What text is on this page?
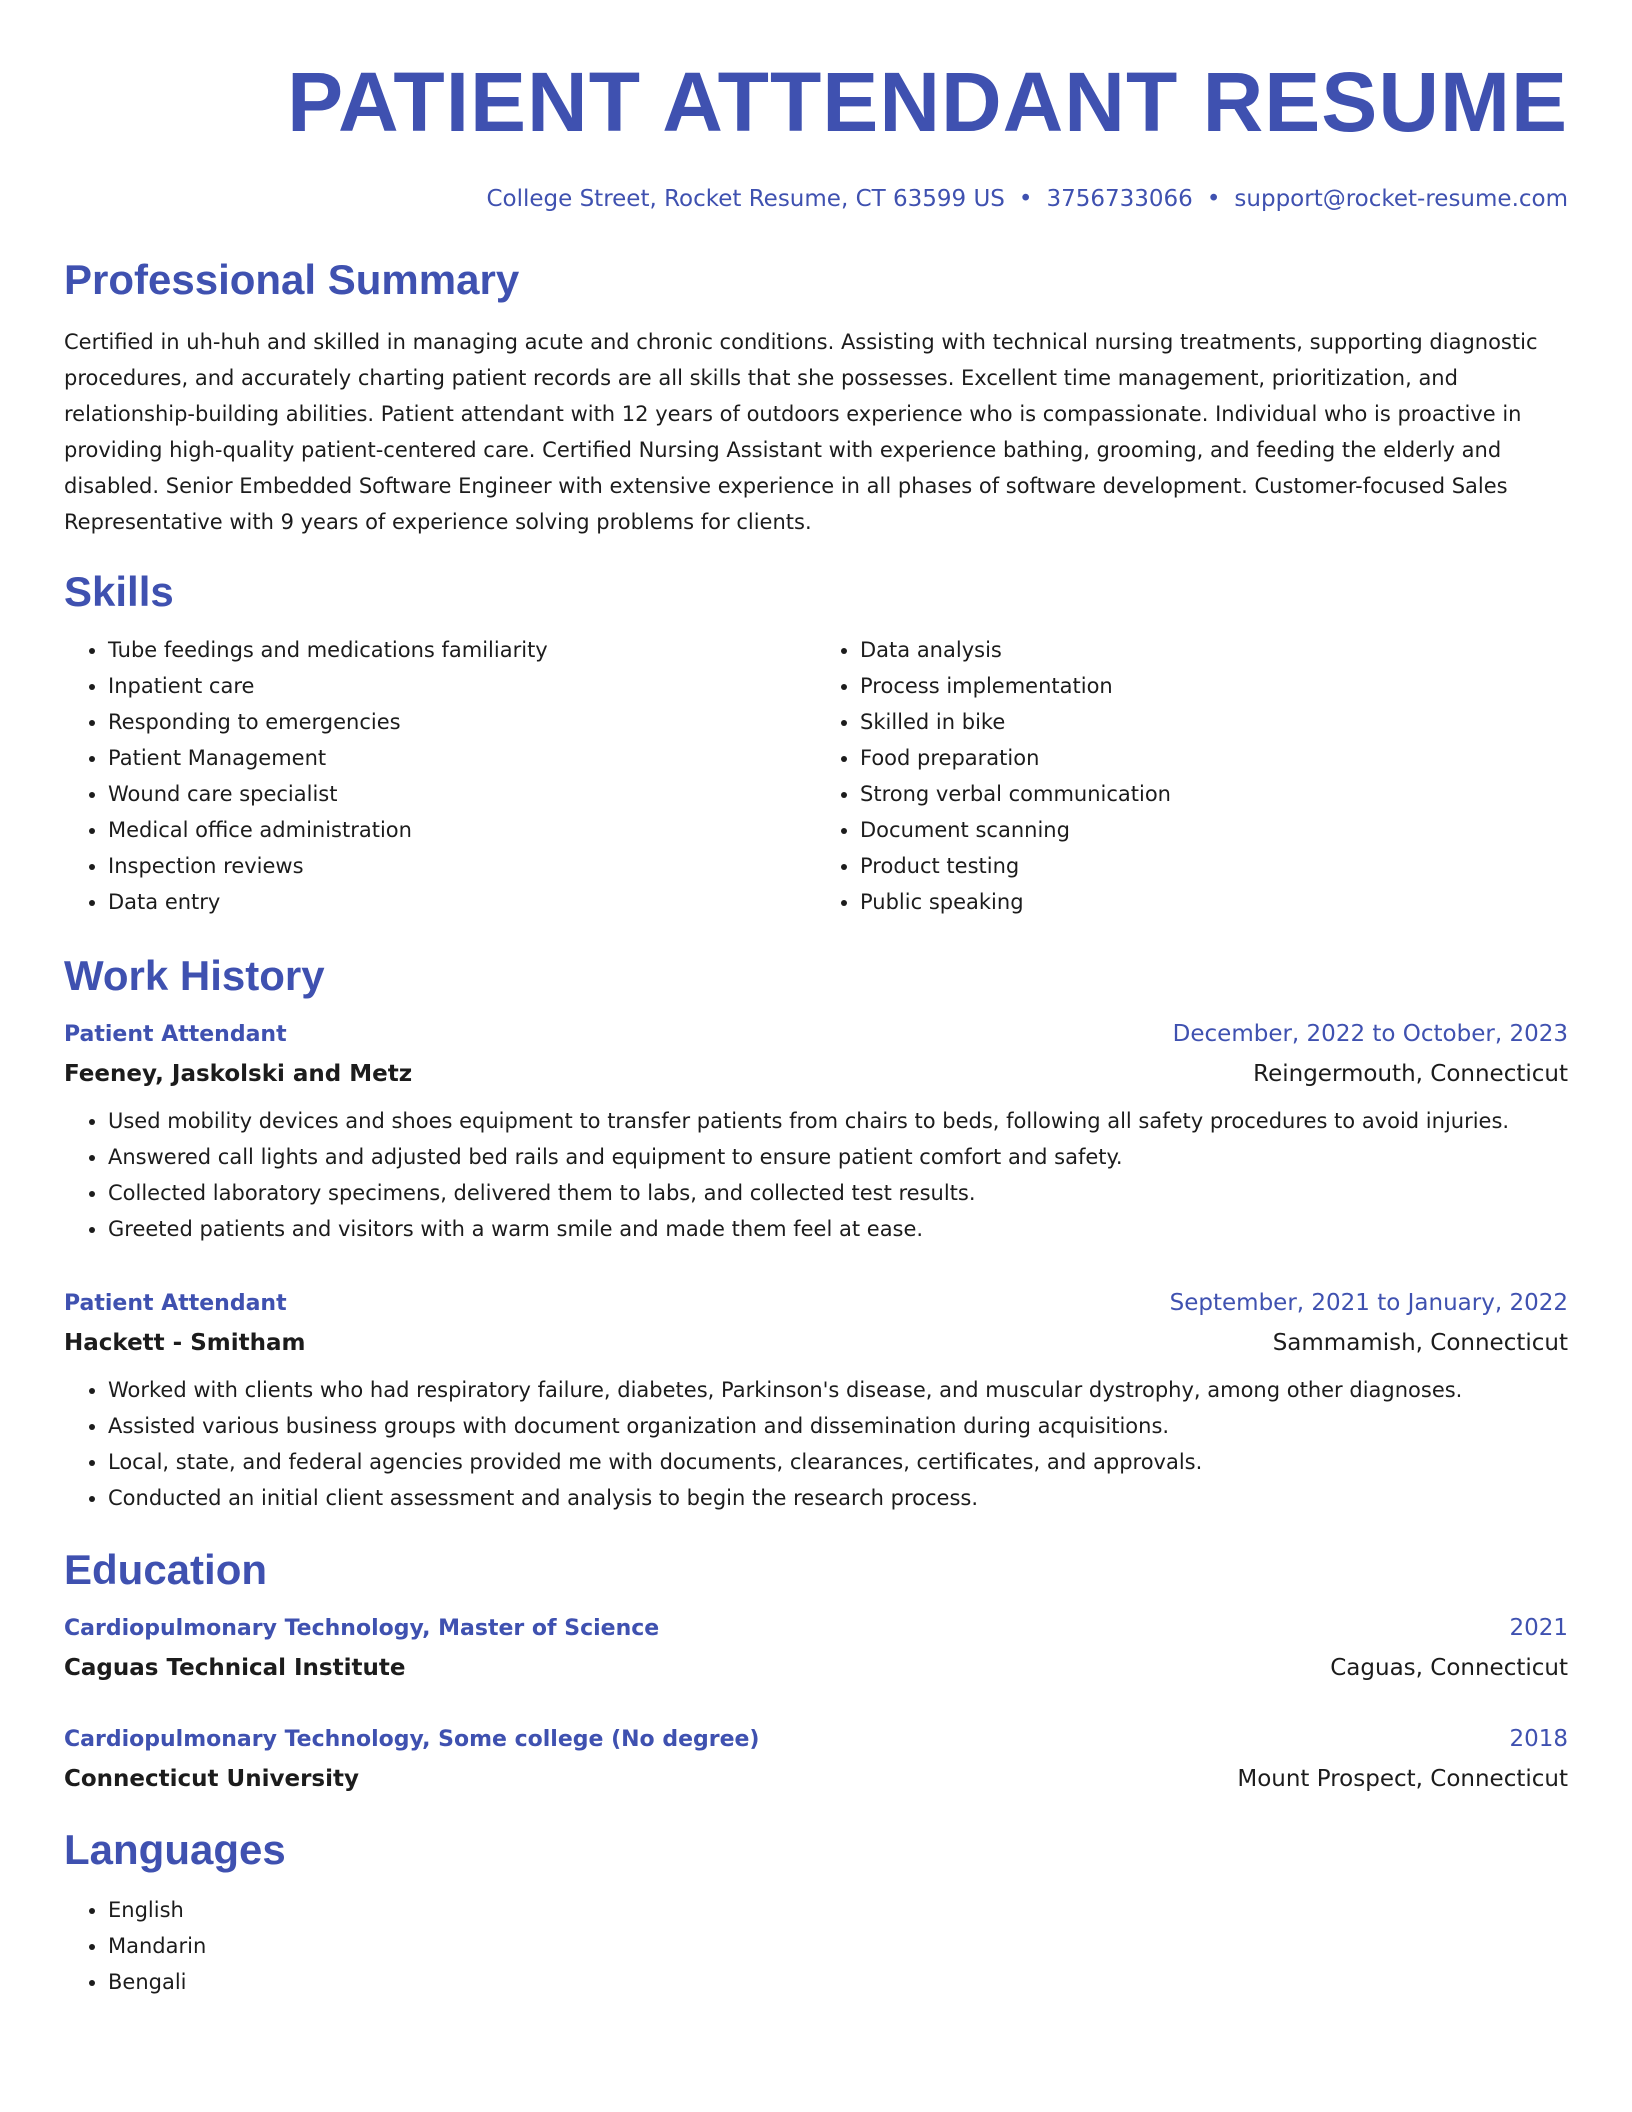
PATIENT ATTENDANT RESUME
College Street, Rocket Resume, CT 63599 US • 3756733066 • support@rocket-resume.com
Professional Summary

Certified in uh-huh and skilled in managing acute and chronic conditions. Assisting with technical nursing treatments, supporting diagnostic procedures, and accurately charting patient records are all skills that she possesses. Excellent time management, prioritization, and relationship-building abilities. Patient attendant with 12 years of outdoors experience who is compassionate. Individual who is proactive in providing high-quality patient-centered care. Certified Nursing Assistant with experience bathing, grooming, and feeding the elderly and disabled. Senior Embedded Software Engineer with extensive experience in all phases of software development. Customer-focused Sales Representative with 9 years of experience solving problems for clients.

Skills
• Tube feedings and medications familiarity
• Inpatient care
• Responding to emergencies
• Patient Management
• Wound care specialist
• Medical office administration
• Inspection reviews
• Data entry
• Data analysis
• Process implementation
• Skilled in bike
• Food preparation
• Strong verbal communication
• Document scanning
• Product testing
• Public speaking
Work History
Patient Attendant	December, 2022 to October, 2023
Feeney, Jaskolski and Metz	Reingermouth, Connecticut
• Used mobility devices and shoes equipment to transfer patients from chairs to beds, following all safety procedures to avoid injuries.
• Answered call lights and adjusted bed rails and equipment to ensure patient comfort and safety.
• Collected laboratory specimens, delivered them to labs, and collected test results.
• Greeted patients and visitors with a warm smile and made them feel at ease.
Patient Attendant	September, 2021 to January, 2022
Hackett - Smitham	Sammamish, Connecticut
• Worked with clients who had respiratory failure, diabetes, Parkinson's disease, and muscular dystrophy, among other diagnoses.
• Assisted various business groups with document organization and dissemination during acquisitions.
• Local, state, and federal agencies provided me with documents, clearances, certificates, and approvals.
• Conducted an initial client assessment and analysis to begin the research process.
Education
Cardiopulmonary Technology, Master of Science	2021
Caguas Technical Institute	Caguas, Connecticut
Cardiopulmonary Technology, Some college (No degree)	2018
Connecticut University	Mount Prospect, Connecticut
Languages
• English
• Mandarin
• Bengali
